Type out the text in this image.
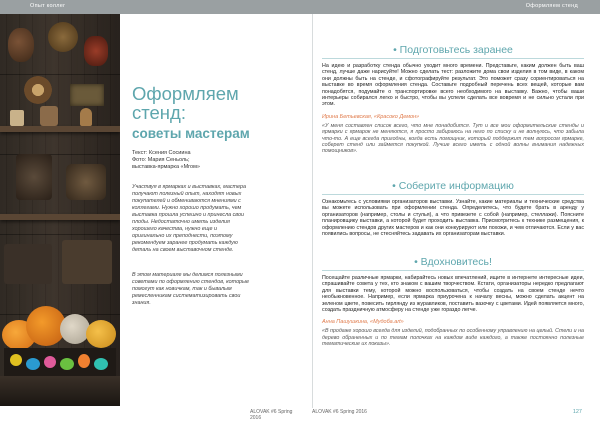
Опыт коллег
Оформляем стенд:
советы мастерам
Текст: Ксения Сосиина
Фото: Мария Сеньоль;
выставка-ярмарка «Мгом»

Участвуя в ярмарках и выставках, мастера получают полезный опыт, находят новых покупателей и обмениваются мнениями с коллегами. Нужно хорошо продумать, чем выставка прошла успешно и принесла свои плоды. Недостаточно иметь изделия хорошего качества, нужно еще и оригинально их преподнести, поэтому рекомендуем заранее продумать каждую деталь на своем выставочном стенде.

В этом материале мы делимся полезными советами по оформлению стендов, которые помогут как новичкам, так и бывалым ремесленникам систематизировать свои знания.

ALOVAK #6 Spring 2016
Оформляем стенд
• Подготовьтесь заранее

На идею и разработку стенда обычно уходит много времени. Представьте, каким должен быть ваш стенд, лучше даже нарисуйте! Можно сделать тест: разложите дома свои изделия в том виде, в каком они должны быть на стенде, и сфотографируйте результат. Это поможет сразу сориентироваться на выставке во время оформления стенда. Составьте подробный перечень всех вещей, которые вам понадобятся, подумайте о транспортировке всего необходимого на выставку. Важно, чтобы ваши интерьеры собирался легко и быстро, чтобы вы успели сделать все вовремя и не сильно устали при этом.

Ирина Бетьевская, «Красоко Демон»

«У меня составлен список всего, что мне понадобится. Тут и все мои оформительские стенды и ярмарки с ярмарок не меняются, я просто забираюсь на него по списку и не волнуюсь, что забыла что-то. А еще всегда пригодны, когда есть помощник, который поддержит тем вопросом ярмарке, соберет стенд или займется покупкой. Лучше всего иметь с одной волны внимания надежных помощников».

• Соберите информацию

Ознакомьтесь с условиями организаторов выставки. Узнайте, какие материалы и технические средства вы можете использовать при оформлении стенда. Определитесь, что будете брать в аренду у организаторов (например, столы и стулья), а что привезете с собой (например, стеллажи). Поясните планировщику выставки, а которой будет проходить выставка. Присмотритесь к технике размещения, к оформлению стендов других мастеров и как они конкурируют или похожи, и чем отличаются. Если у вас появились вопросы, не стесняйтесь задавать их организаторам выставки.

• Вдохновитесь!

Посещайте различные ярмарки, набирайтесь новых впечатлений, ищите в интернете интересные идеи, спрашивайте совета у тех, кто знаком с вашим творчеством. Кстати, организаторы нередко предлагают для выставки тему, которой можно воспользоваться, чтобы создать на своем стенде нечто необыкновенное. Например, если ярмарка приурочена к началу весны, можно сделать акцент на зеленом цвете, повесить гирлянду из журавликов, поставить вазочку с цветами. Идей появляется много, создать праздничную атмосферу на стенде уже гораздо легче.

Анна Пашушкина, «Мудоба.art»

«В продаже хорошо всегда для изделий, подобранных по особенному управлению на целый. Стели и на дерево обраненных и по темам полочках на каждом виде каждого, а также постоянно полезные тематические их показы».

ALOVAK #6 Spring 2016	127
